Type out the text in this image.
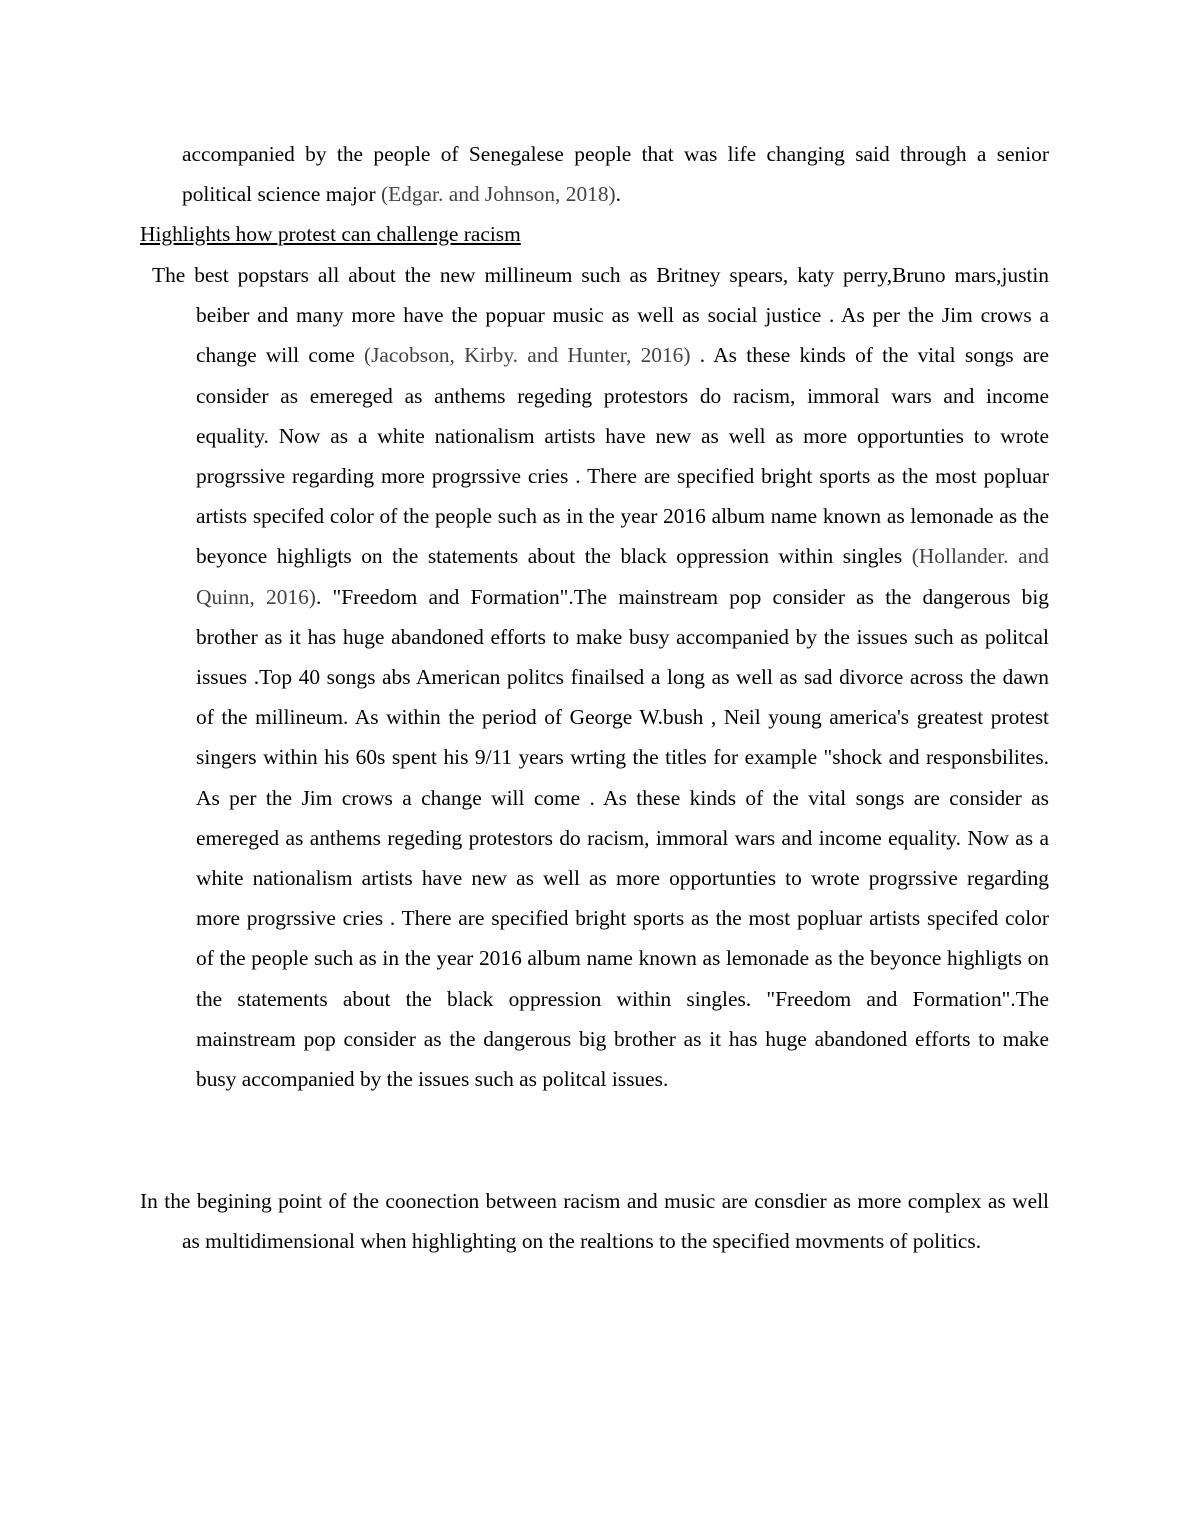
accompanied by the people of Senegalese people that was life changing said through a senior political science major (Edgar. and Johnson, 2018).

Highlights how protest can challenge racism

The best popstars all about the new millineum such as Britney spears, katy perry,Bruno mars,justin beiber and many more have the popuar music as well as social justice . As per the Jim crows a change will come (Jacobson, Kirby. and Hunter, 2016) . As these kinds of the vital songs are consider as emereged as anthems regeding protestors do racism, immoral wars and income equality. Now as a white nationalism artists have new as well as more opportunties to wrote progrssive regarding more progrssive cries . There are specified bright sports as the most popluar artists specifed color of the people such as in the year 2016 album name known as lemonade as the beyonce highligts on the statements about the black oppression within singles (Hollander. and Quinn, 2016). "Freedom and Formation".The mainstream pop consider as the dangerous big brother as it has huge abandoned efforts to make busy accompanied by the issues such as politcal issues .Top 40 songs abs American politcs finailsed a long as well as sad divorce across the dawn of the millineum. As within the period of George W.bush , Neil young america's greatest protest singers within his 60s spent his 9/11 years wrting the titles for example "shock and responsbilites. As per the Jim crows a change will come . As these kinds of the vital songs are consider as emereged as anthems regeding protestors do racism, immoral wars and income equality. Now as a white nationalism artists have new as well as more opportunties to wrote progrssive regarding more progrssive cries . There are specified bright sports as the most popluar artists specifed color of the people such as in the year 2016 album name known as lemonade as the beyonce highligts on the statements about the black oppression within singles. "Freedom and Formation".The mainstream pop consider as the dangerous big brother as it has huge abandoned efforts to make busy accompanied by the issues such as politcal issues.

In the begining point of the coonection between racism and music are consdier as more complex as well as multidimensional when highlighting on the realtions to the specified movments of politics.
